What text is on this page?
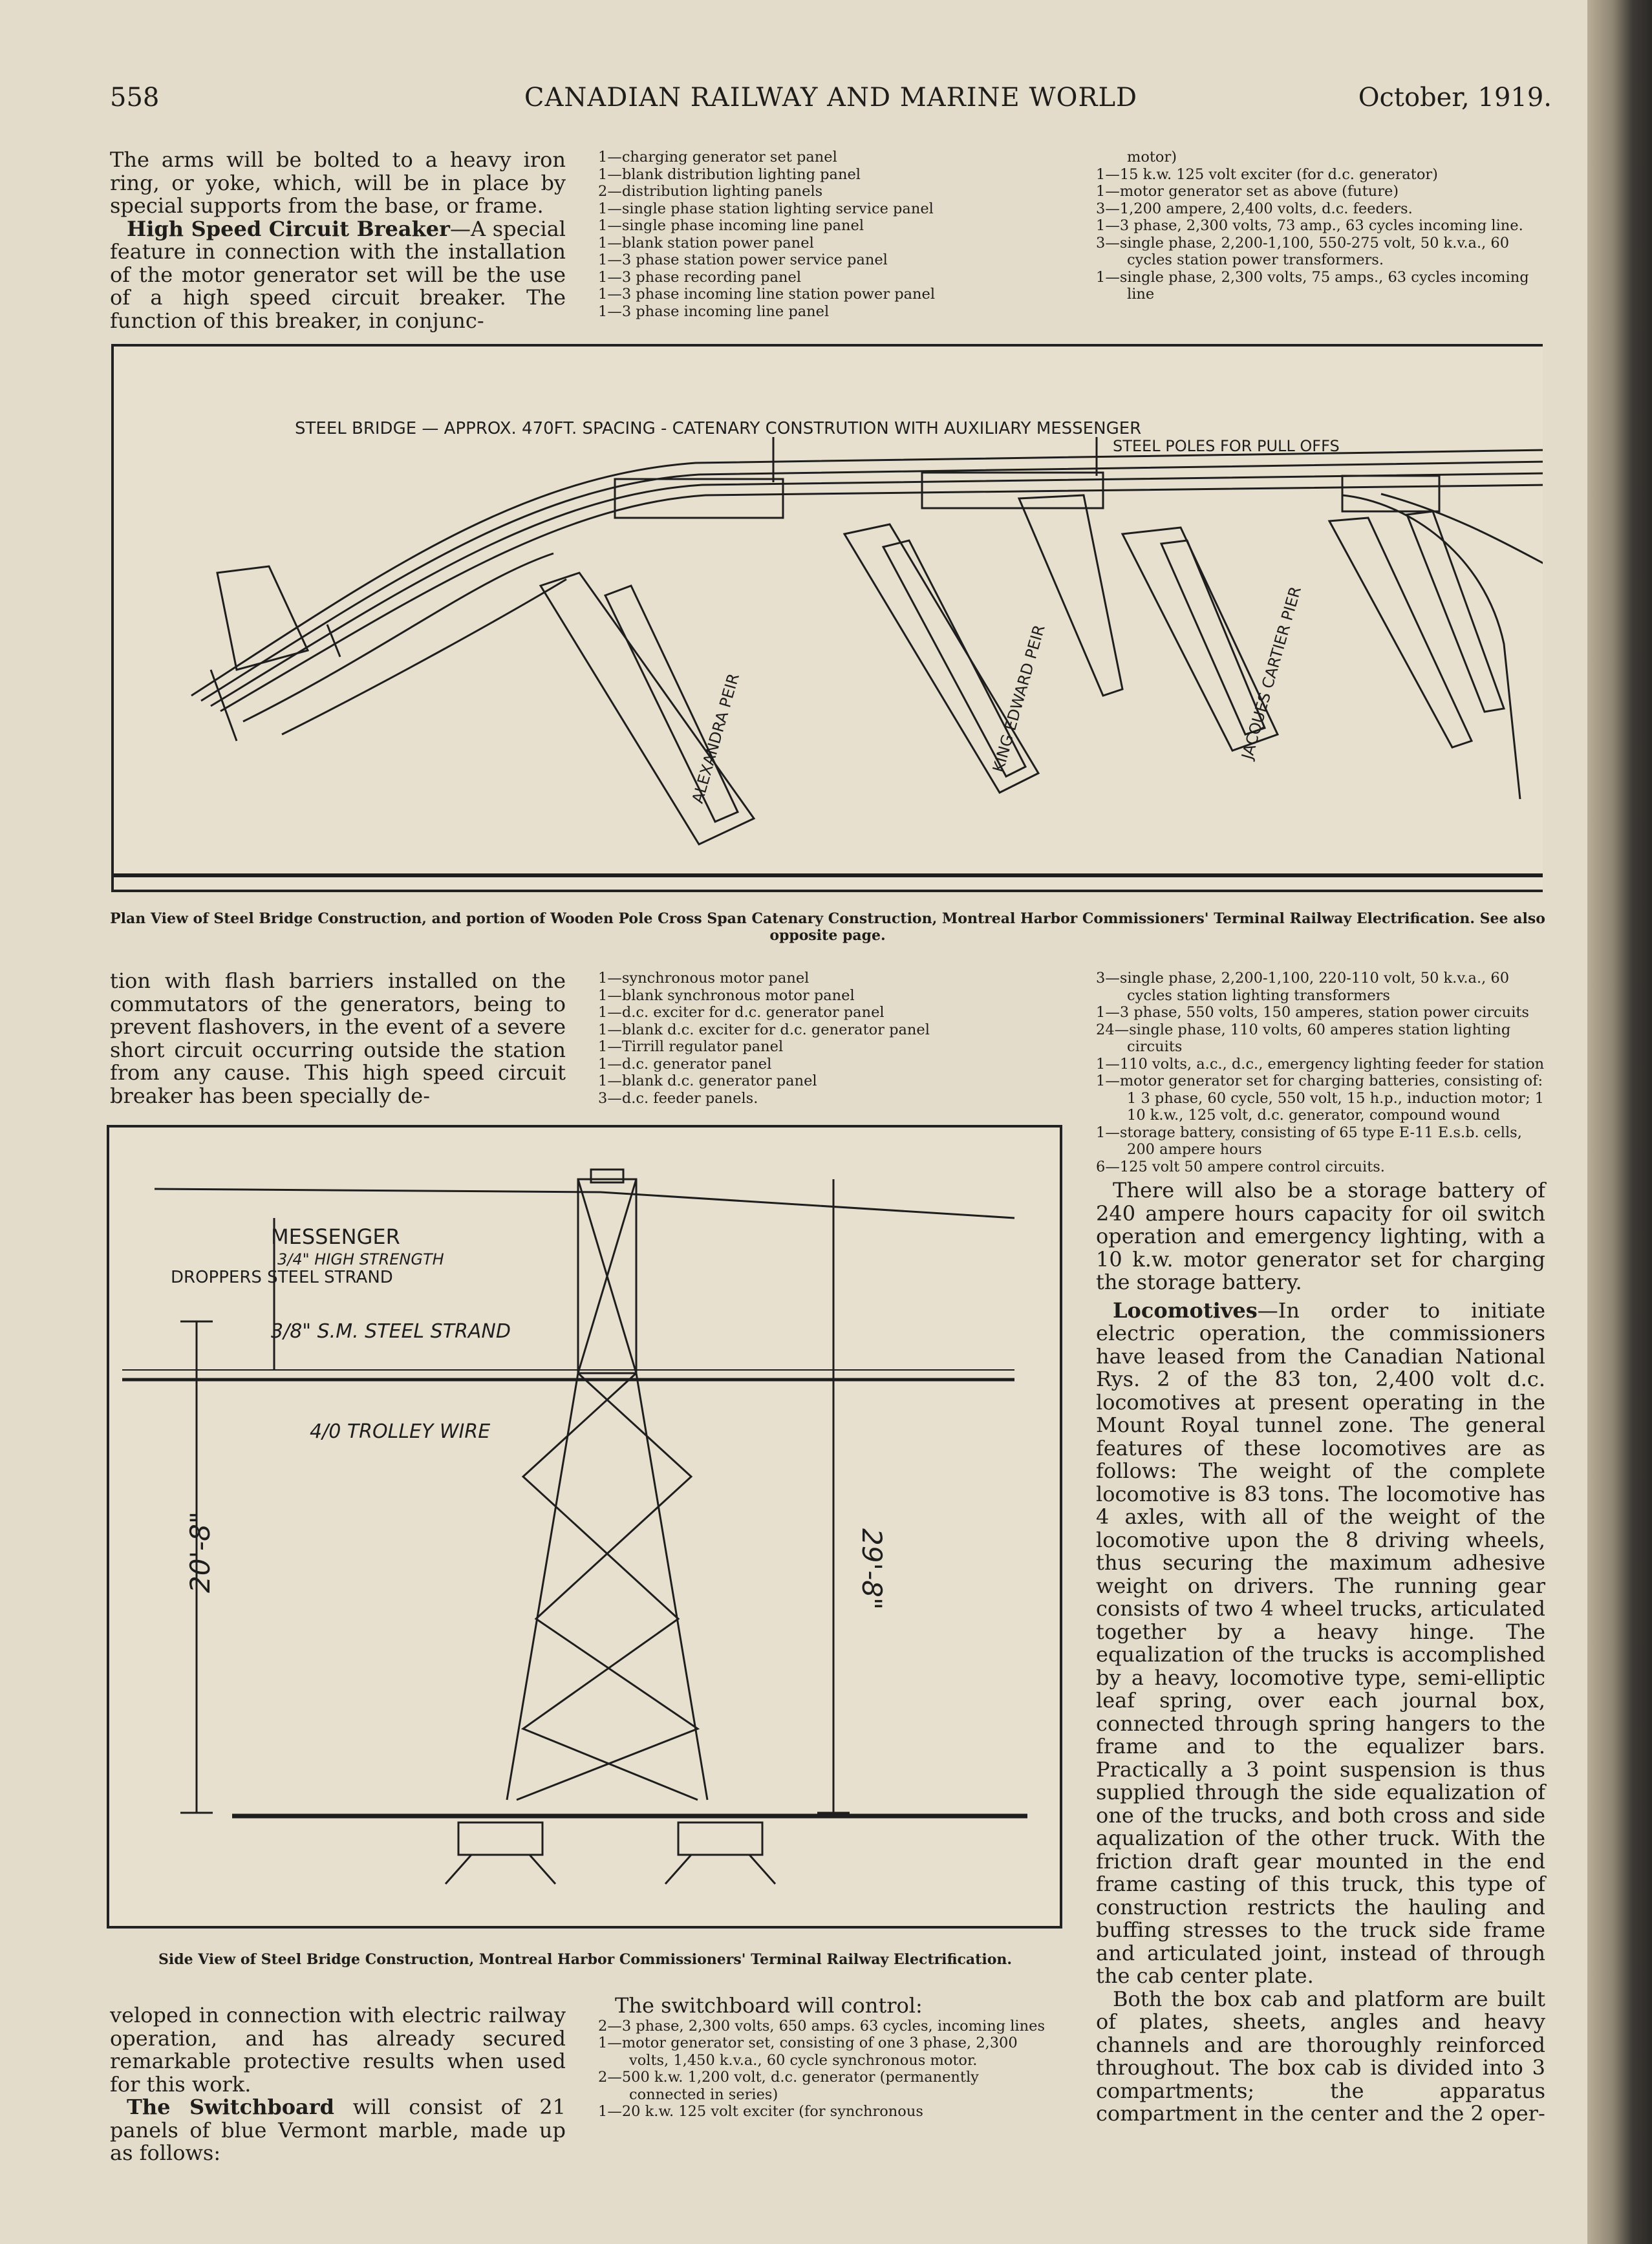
558	CANADIAN RAILWAY AND MARINE WORLD	October, 1919.

The arms will be bolted to a heavy iron ring, or yoke, which, will be in place by special supports from the base, or frame.

High Speed Circuit Breaker—A special feature in connection with the installation of the motor generator set will be the use of a high speed circuit breaker. The function of this breaker, in conjunc-

1—charging generator set panel
1—blank distribution lighting panel
2—distribution lighting panels
1—single phase station lighting service panel
1—single phase incoming line panel
1—blank station power panel
1—3 phase station power service panel
1—3 phase recording panel
1—3 phase incoming line station power panel
1—3 phase incoming line panel
motor)
1—15 k.w. 125 volt exciter (for d.c. generator)
1—motor generator set as above (future)
3—1,200 ampere, 2,400 volts, d.c. feeders.
1—3 phase, 2,300 volts, 73 amp., 63 cycles incoming line.
3—single phase, 2,200-1,100, 550-275 volt, 50 k.v.a., 60 cycles station power transformers.
1—single phase, 2,300 volts, 75 amps., 63 cycles incoming line
STEEL BRIDGE — APPROX. 470FT. SPACING - CATENARY CONSTRUTION WITH AUXILIARY MESSENGER
STEEL POLES FOR PULL OFFS
ALEXANDRA PEIR	KING EDWARD PEIR	JACQUES CARTIER PIER
Plan View of Steel Bridge Construction, and portion of Wooden Pole Cross Span Catenary Construction, Montreal Harbor Commissioners' Terminal Railway Electrification. See also opposite page.

tion with flash barriers installed on the commutators of the generators, being to prevent flashovers, in the event of a severe short circuit occurring outside the station from any cause. This high speed circuit breaker has been specially de-

1—synchronous motor panel
1—blank synchronous motor panel
1—d.c. exciter for d.c. generator panel
1—blank d.c. exciter for d.c. generator panel
1—Tirrill regulator panel
1—d.c. generator panel
1—blank d.c. generator panel
3—d.c. feeder panels.
3—single phase, 2,200-1,100, 220-110 volt, 50 k.v.a., 60 cycles station lighting transformers
1—3 phase, 550 volts, 150 amperes, station power circuits
24—single phase, 110 volts, 60 amperes station lighting circuits
1—110 volts, a.c., d.c., emergency lighting feeder for station
1—motor generator set for charging batteries, consisting of: 1 3 phase, 60 cycle, 550 volt, 15 h.p., induction motor; 1 10 k.w., 125 volt, d.c. generator, compound wound
1—storage battery, consisting of 65 type E-11 E.s.b. cells, 200 ampere hours
6—125 volt 50 ampere control circuits.

There will also be a storage battery of 240 ampere hours capacity for oil switch operation and emergency lighting, with a 10 k.w. motor generator set for charging the storage battery.

Locomotives—In order to initiate electric operation, the commissioners have leased from the Canadian National Rys. 2 of the 83 ton, 2,400 volt d.c. locomotives at present operating in the Mount Royal tunnel zone. The general features of these locomotives are as follows: The weight of the complete locomotive is 83 tons. The locomotive has 4 axles, with all of the weight of the locomotive upon the 8 driving wheels, thus securing the maximum adhesive weight on drivers. The running gear consists of two 4 wheel trucks, articulated together by a heavy hinge. The equalization of the trucks is accomplished by a heavy, locomotive type, semi-elliptic leaf spring, over each journal box, connected through spring hangers to the frame and to the equalizer bars. Practically a 3 point suspension is thus supplied through the side equalization of one of the trucks, and both cross and side aqualization of the other truck. With the friction draft gear mounted in the end frame casting of this truck, this type of construction restricts the hauling and buffing stresses to the truck side frame and articulated joint, instead of through the cab center plate.

Both the box cab and platform are built of plates, sheets, angles and heavy channels and are thoroughly reinforced throughout. The box cab is divided into 3 compartments; the apparatus compartment in the center and the 2 oper-

MESSENGER
3/4" HIGH STRENGTH
DROPPERS STEEL STRAND
3/8" S.M. STEEL STRAND
4/0 TROLLEY WIRE
20'-8"	29'-8"
Side View of Steel Bridge Construction, Montreal Harbor Commissioners' Terminal Railway Electrification.

veloped in connection with electric railway operation, and has already secured remarkable protective results when used for this work.

The Switchboard will consist of 21 panels of blue Vermont marble, made up as follows:

The switchboard will control:
2—3 phase, 2,300 volts, 650 amps. 63 cycles, incoming lines
1—motor generator set, consisting of one 3 phase, 2,300 volts, 1,450 k.v.a., 60 cycle synchronous motor.
2—500 k.w. 1,200 volt, d.c. generator (permanently connected in series)
1—20 k.w. 125 volt exciter (for synchronous
